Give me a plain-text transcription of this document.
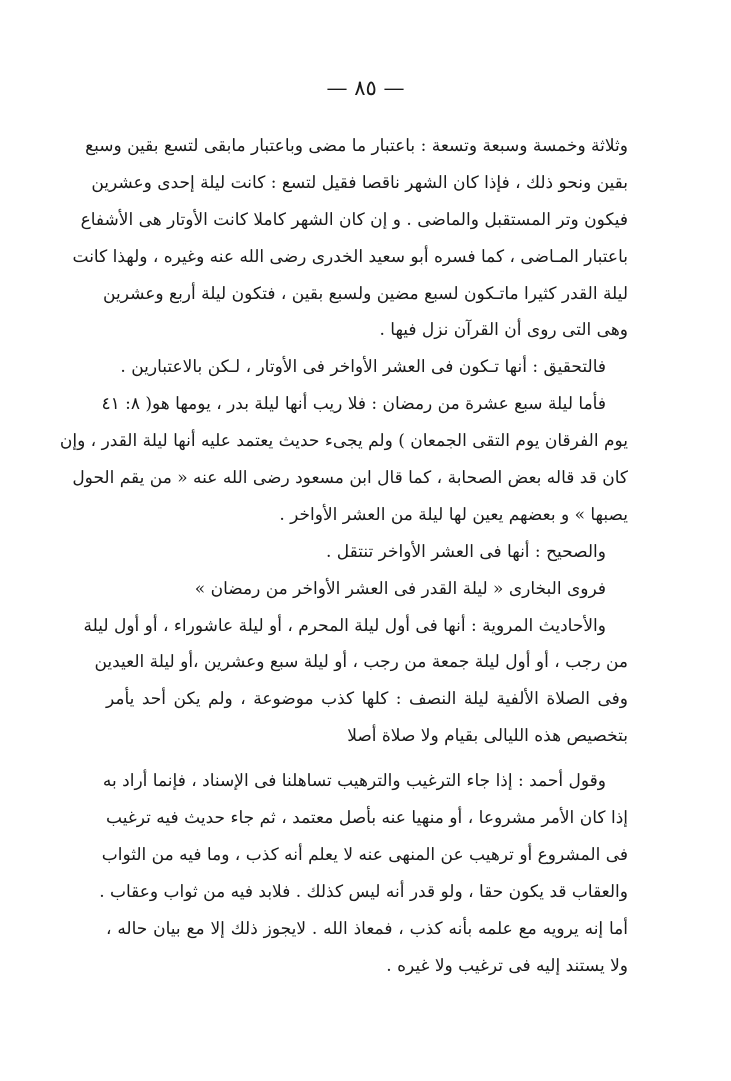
— ٨٥ —
وثلاثة وخمسة وسبعة وتسعة : باعتبار ما مضى وباعتبار مابقى لتسع بقين وسبع
بقين ونحو ذلك ، فإذا كان الشهر ناقصا فقيل لتسع : كانت ليلة إحدى وعشرين
فيكون وتر المستقبل والماضى . و إن كان الشهر كاملا كانت الأوتار هى الأشفاع
باعتبار المـاضى ، كما فسره أبو سعيد الخدرى رضى الله عنه وغيره ، ولهذا كانت
ليلة القدر كثيرا ماتـكون لسبع مضين ولسبع بقين ، فتكون ليلة أربع وعشرين
وهى التى روى أن القرآن نزل فيها .
فالتحقيق : أنها تـكون فى العشر الأواخر فى الأوتار ، لـكن بالاعتبارين .
فأما ليلة سبع عشرة من رمضان : فلا ريب أنها ليلة بدر ، يومها هو( ٨: ٤١
يوم الفرقان يوم التقى الجمعان ) ولم يجىء حديث يعتمد عليه أنها ليلة القدر ، وإن
كان قد قاله بعض الصحابة ، كما قال ابن مسعود رضى الله عنه « من يقم الحول
يصبها » و بعضهم يعين لها ليلة من العشر الأواخر .
والصحيح : أنها فى العشر الأواخر تنتقل .
فروى البخارى « ليلة القدر فى العشر الأواخر من رمضان »
والأحاديث المروية : أنها فى أول ليلة المحرم ، أو ليلة عاشوراء ، أو أول ليلة
من رجب ، أو أول ليلة جمعة من رجب ، أو ليلة سبع وعشرين ،أو ليلة العيدين
وفى الصلاة الألفية ليلة النصف : كلها كذب موضوعة ، ولم يكن أحد يأمر
بتخصيص هذه الليالى بقيام ولا صلاة أصلا
وقول أحمد : إذا جاء الترغيب والترهيب تساهلنا فى الإسناد ، فإنما أراد به
إذا كان الأمر مشروعا ، أو منهيا عنه بأصل معتمد ، ثم جاء حديث فيه ترغيب
فى المشروع أو ترهيب عن المنهى عنه لا يعلم أنه كذب ، وما فيه من الثواب
والعقاب قد يكون حقا ، ولو قدر أنه ليس كذلك . فلابد فيه من ثواب وعقاب .
أما إنه يرويه مع علمه بأنه كذب ، فمعاذ الله . لايجوز ذلك إلا مع بيان حاله ،
ولا يستند إليه فى ترغيب ولا غيره .
